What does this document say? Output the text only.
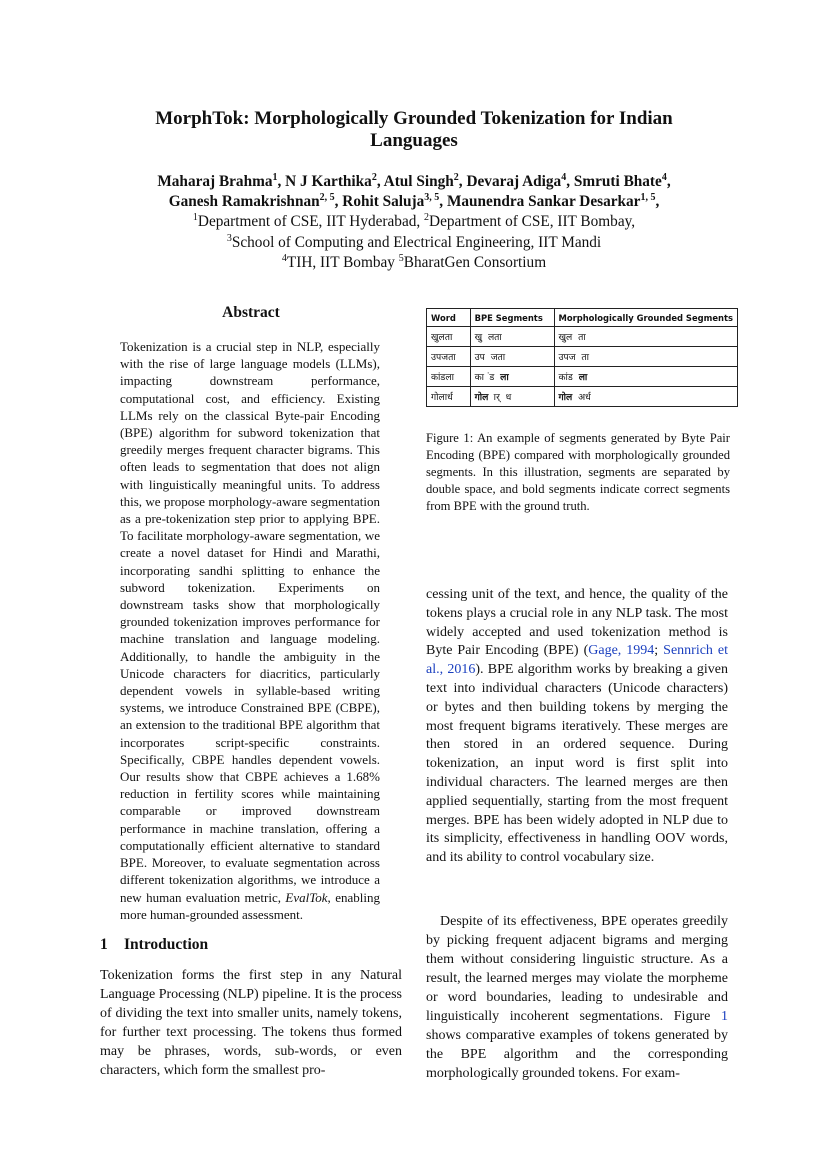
MorphTok: Morphologically Grounded Tokenization for Indian Languages
Maharaj Brahma$^1$, N J Karthika$^2$, Atul Singh$^2$, Devaraj Adiga$^4$, Smruti Bhate$^4$,
Ganesh Ramakrishnan$^{2, 5}$, Rohit Saluja$^{3, 5}$, Maunendra Sankar Desarkar$^{1, 5}$,
$^1$Department of CSE, IIT Hyderabad, $^2$Department of CSE, IIT Bombay,
$^3$School of Computing and Electrical Engineering, IIT Mandi
$^4$TIH, IIT Bombay $^5$BharatGen Consortium
Abstract

Tokenization is a crucial step in NLP, especially with the rise of large language models (LLMs), impacting downstream performance, computational cost, and efficiency. Existing LLMs rely on the classical Byte-pair Encoding (BPE) algorithm for subword tokenization that greedily merges frequent character bigrams. This often leads to segmentation that does not align with linguistically meaningful units. To address this, we propose morphology-aware segmentation as a pre-tokenization step prior to applying BPE. To facilitate morphology-aware segmentation, we create a novel dataset for Hindi and Marathi, incorporating sandhi splitting to enhance the subword tokenization. Experiments on downstream tasks show that morphologically grounded tokenization improves performance for machine translation and language modeling. Additionally, to handle the ambiguity in the Unicode characters for diacritics, particularly dependent vowels in syllable-based writing systems, we introduce Constrained BPE (CBPE), an extension to the traditional BPE algorithm that incorporates script-specific constraints. Specifically, CBPE handles dependent vowels. Our results show that CBPE achieves a 1.68% reduction in fertility scores while maintaining comparable or improved downstream performance in machine translation, offering a computationally efficient alternative to standard BPE. Moreover, to evaluate segmentation across different tokenization algorithms, we introduce a new human evaluation metric, EvalTok, enabling more human-grounded assessment.

1 Introduction

Tokenization forms the first step in any Natural Language Processing (NLP) pipeline. It is the process of dividing the text into smaller units, namely tokens, for further text processing. The tokens thus formed may be phrases, words, sub-words, or even characters, which form the smallest pro-

Word	BPE Segments	Morphologically Grounded Segments
खुलता	खु लता	खुल ता
उपजता	उप जता	उपज ता
कांडला	का ंड ला	कांड ला
गोलार्ध	गोल ार् ध	गोल अर्ध

Figure 1: An example of segments generated by Byte Pair Encoding (BPE) compared with morphologically grounded segments. In this illustration, segments are separated by double space, and bold segments indicate correct segments from BPE with the ground truth.

cessing unit of the text, and hence, the quality of the tokens plays a crucial role in any NLP task. The most widely accepted and used tokenization method is Byte Pair Encoding (BPE) (Gage, 1994; Sennrich et al., 2016). BPE algorithm works by breaking a given text into individual characters (Unicode characters) or bytes and then building tokens by merging the most frequent bigrams iteratively. These merges are then stored in an ordered sequence. During tokenization, an input word is first split into individual characters. The learned merges are then applied sequentially, starting from the most frequent merges. BPE has been widely adopted in NLP due to its simplicity, effectiveness in handling OOV words, and its ability to control vocabulary size.

Despite of its effectiveness, BPE operates greedily by picking frequent adjacent bigrams and merging them without considering linguistic structure. As a result, the learned merges may violate the morpheme or word boundaries, leading to undesirable and linguistically incoherent segmentations. Figure 1 shows comparative examples of tokens generated by the BPE algorithm and the corresponding morphologically grounded tokens. For exam-
